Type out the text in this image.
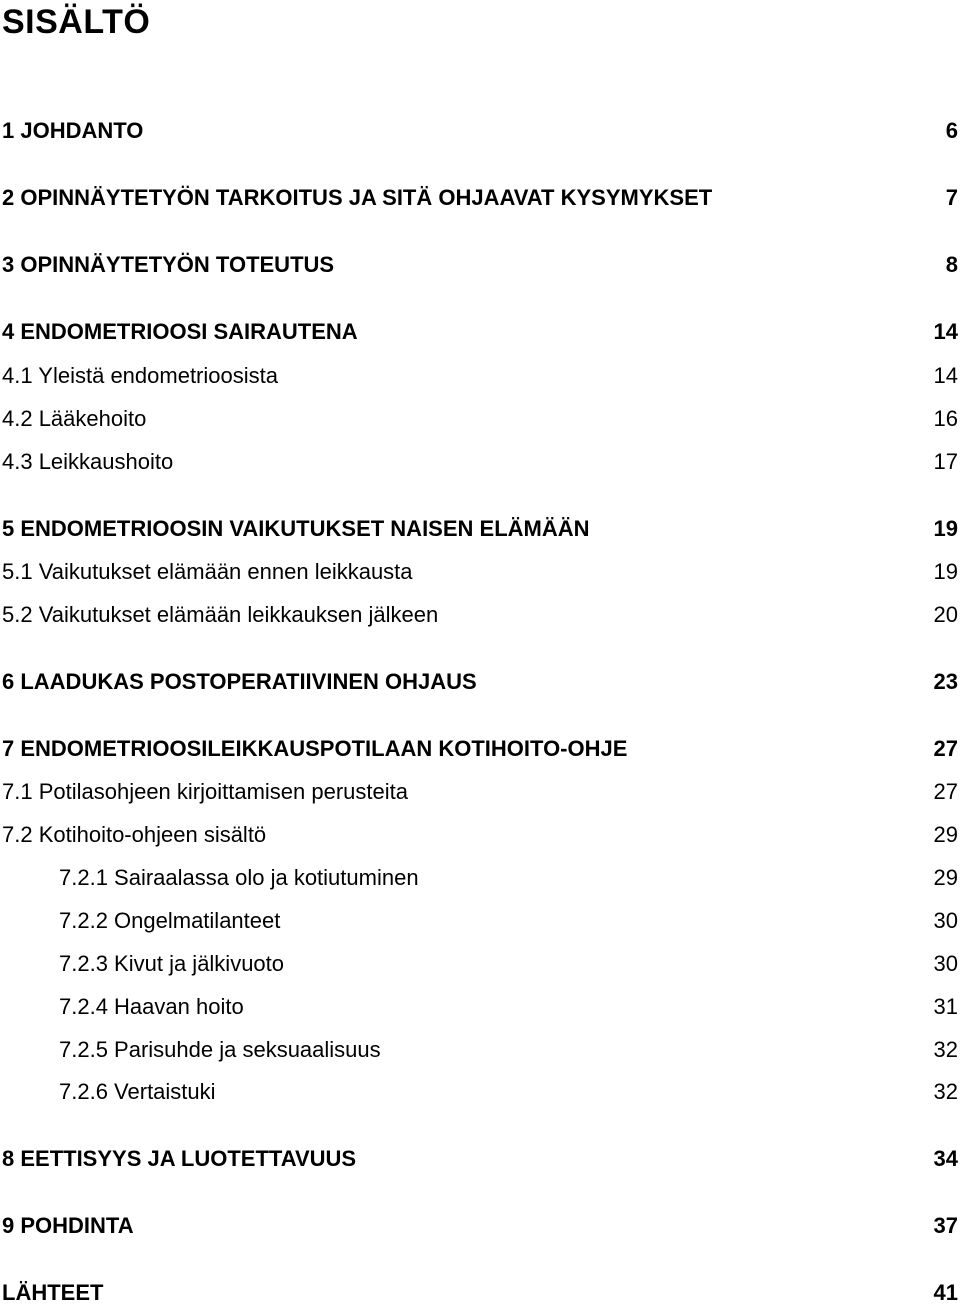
SISÄLTÖ
1 JOHDANTO	6
2 OPINNÄYTETYÖN TARKOITUS JA SITÄ OHJAAVAT KYSYMYKSET	7
3 OPINNÄYTETYÖN TOTEUTUS	8
4 ENDOMETRIOOSI SAIRAUTENA	14
4.1 Yleistä endometrioosista	14
4.2 Lääkehoito	16
4.3 Leikkaushoito	17
5 ENDOMETRIOOSIN VAIKUTUKSET NAISEN ELÄMÄÄN	19
5.1 Vaikutukset elämään ennen leikkausta	19
5.2 Vaikutukset elämään leikkauksen jälkeen	20
6 LAADUKAS POSTOPERATIIVINEN OHJAUS	23
7 ENDOMETRIOOSILEIKKAUSPOTILAAN KOTIHOITO-OHJE	27
7.1 Potilasohjeen kirjoittamisen perusteita	27
7.2 Kotihoito-ohjeen sisältö	29
7.2.1 Sairaalassa olo ja kotiutuminen	29
7.2.2 Ongelmatilanteet	30
7.2.3 Kivut ja jälkivuoto	30
7.2.4 Haavan hoito	31
7.2.5 Parisuhde ja seksuaalisuus	32
7.2.6 Vertaistuki	32
8 EETTISYYS JA LUOTETTAVUUS	34
9 POHDINTA	37
LÄHTEET	41
